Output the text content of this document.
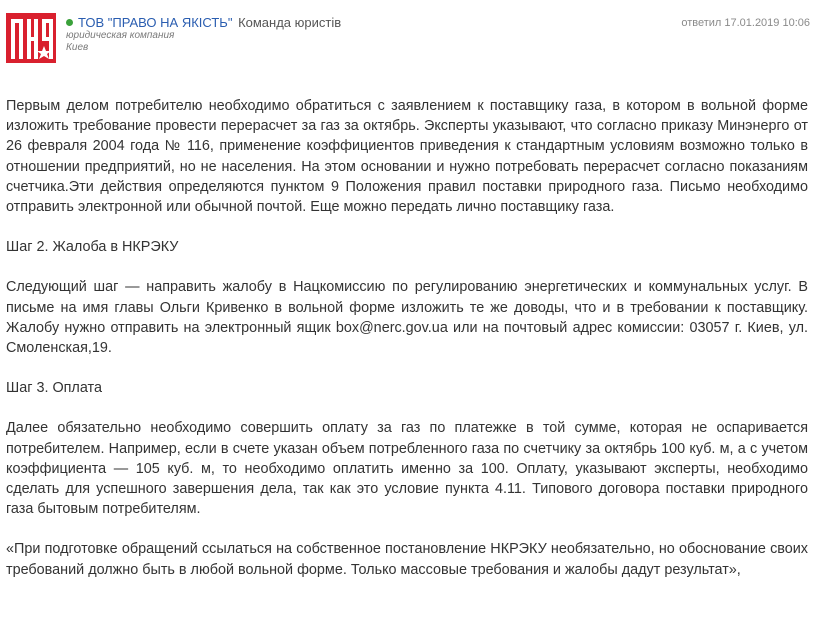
ТОВ "ПРАВО НА ЯКІСТЬ" Команда юристів
юридическая компания
Киев
ответил 17.01.2019 10:06

Первым делом потребителю необходимо обратиться с заявлением к поставщику газа, в котором в вольной форме изложить требование провести перерасчет за газ за октябрь. Эксперты указывают, что согласно приказу Минэнерго от 26 февраля 2004 года № 116, применение коэффициентов приведения к стандартным условиям возможно только в отношении предприятий, но не населения. На этом основании и нужно потребовать перерасчет согласно показаниям счетчика.Эти действия определяются пунктом 9 Положения правил поставки природного газа. Письмо необходимо отправить электронной или обычной почтой. Еще можно передать лично поставщику газа.

Шаг 2. Жалоба в НКРЭКУ

Следующий шаг — направить жалобу в Нацкомиссию по регулированию энергетических и коммунальных услуг. В письме на имя главы Ольги Кривенко в вольной форме изложить те же доводы, что и в требовании к поставщику. Жалобу нужно отправить на электронный ящик box@nerc.gov.ua или на почтовый адрес комиссии: 03057 г. Киев, ул. Смоленская,19.

Шаг 3. Оплата

Далее обязательно необходимо совершить оплату за газ по платежке в той сумме, которая не оспаривается потребителем. Например, если в счете указан объем потребленного газа по счетчику за октябрь 100 куб. м, а с учетом коэффициента — 105 куб. м, то необходимо оплатить именно за 100. Оплату, указывают эксперты, необходимо сделать для успешного завершения дела, так как это условие пункта 4.11. Типового договора поставки природного газа бытовым потребителям.

«При подготовке обращений ссылаться на собственное постановление НКРЭКУ необязательно, но обоснование своих требований должно быть в любой вольной форме. Только массовые требования и жалобы дадут результат»,
